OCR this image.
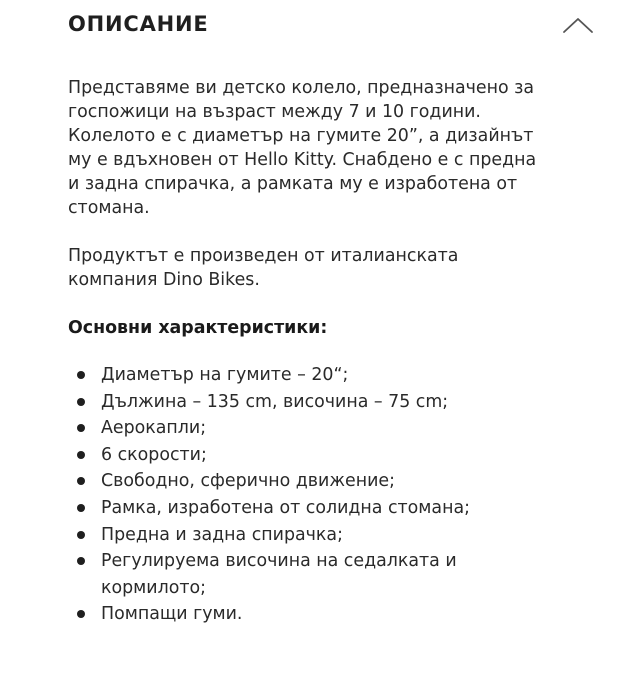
ОПИСАНИЕ

Представяме ви детско колело, предназначено за госпожици на възраст между 7 и 10 години. Колелото е с диаметър на гумите 20”, а дизайнът му е вдъхновен от Hello Kitty. Снабдено е с предна и задна спирачка, а рамката му е изработена от стомана.

Продуктът е произведен от италианската компания Dino Bikes.

Основни характеристики:

Диаметър на гумите – 20“;
Дължина – 135 cm, височина – 75 cm;
Аерокапли;
6 скорости;
Свободно, сферично движение;
Рамка, изработена от солидна стомана;
Предна и задна спирачка;
Регулируема височина на седалката и кормилото;
Помпащи гуми.
